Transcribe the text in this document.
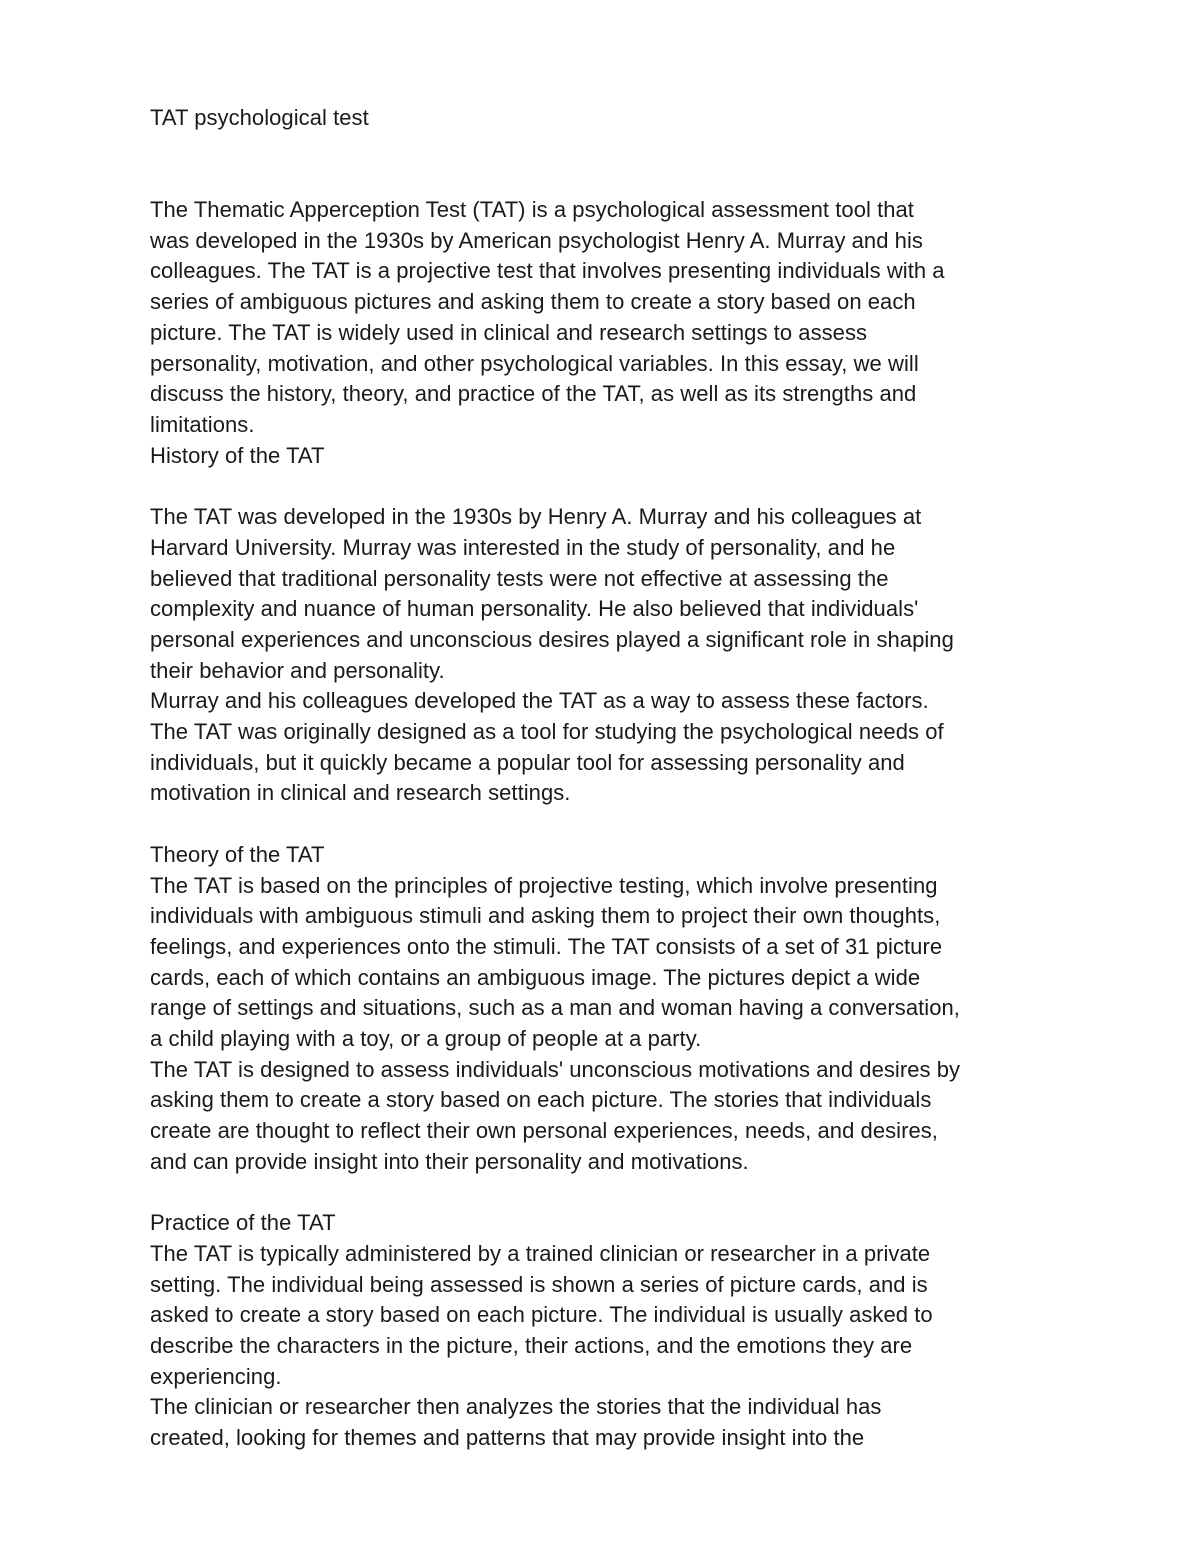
TAT psychological test
The Thematic Apperception Test (TAT) is a psychological assessment tool that
was developed in the 1930s by American psychologist Henry A. Murray and his
colleagues. The TAT is a projective test that involves presenting individuals with a
series of ambiguous pictures and asking them to create a story based on each
picture. The TAT is widely used in clinical and research settings to assess
personality, motivation, and other psychological variables. In this essay, we will
discuss the history, theory, and practice of the TAT, as well as its strengths and
limitations.
History of the TAT
The TAT was developed in the 1930s by Henry A. Murray and his colleagues at
Harvard University. Murray was interested in the study of personality, and he
believed that traditional personality tests were not effective at assessing the
complexity and nuance of human personality. He also believed that individuals'
personal experiences and unconscious desires played a significant role in shaping
their behavior and personality.
Murray and his colleagues developed the TAT as a way to assess these factors.
The TAT was originally designed as a tool for studying the psychological needs of
individuals, but it quickly became a popular tool for assessing personality and
motivation in clinical and research settings.
Theory of the TAT
The TAT is based on the principles of projective testing, which involve presenting
individuals with ambiguous stimuli and asking them to project their own thoughts,
feelings, and experiences onto the stimuli. The TAT consists of a set of 31 picture
cards, each of which contains an ambiguous image. The pictures depict a wide
range of settings and situations, such as a man and woman having a conversation,
a child playing with a toy, or a group of people at a party.
The TAT is designed to assess individuals' unconscious motivations and desires by
asking them to create a story based on each picture. The stories that individuals
create are thought to reflect their own personal experiences, needs, and desires,
and can provide insight into their personality and motivations.
Practice of the TAT
The TAT is typically administered by a trained clinician or researcher in a private
setting. The individual being assessed is shown a series of picture cards, and is
asked to create a story based on each picture. The individual is usually asked to
describe the characters in the picture, their actions, and the emotions they are
experiencing.
The clinician or researcher then analyzes the stories that the individual has
created, looking for themes and patterns that may provide insight into the
